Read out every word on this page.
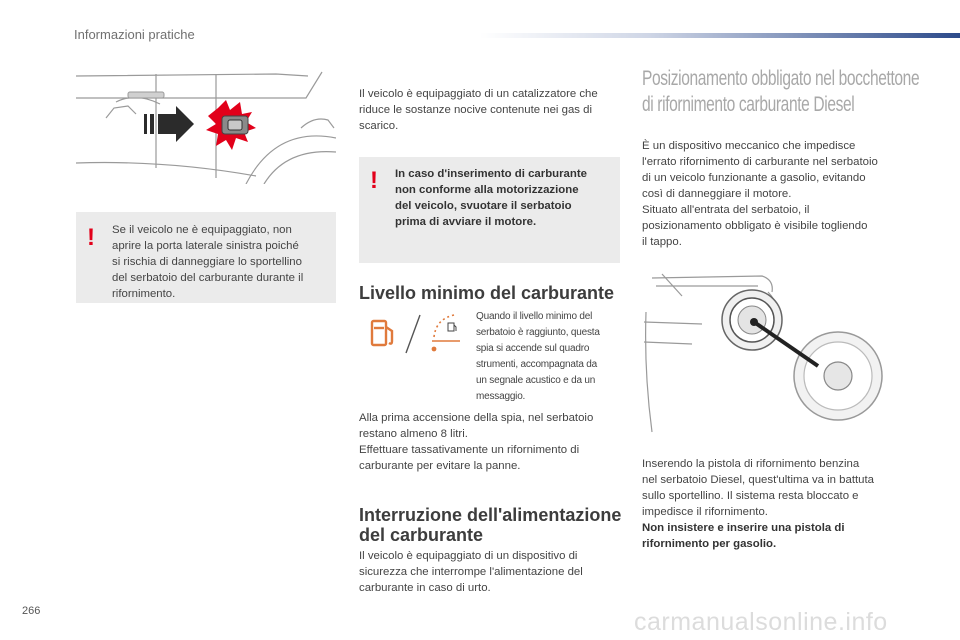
Informazioni pratiche
! Se il veicolo ne è equipaggiato, non
aprire la porta laterale sinistra poiché
si rischia di danneggiare lo sportellino
del serbatoio del carburante durante il
rifornimento.
Il veicolo è equipaggiato di un catalizzatore che
riduce le sostanze nocive contenute nei gas di
scarico.
! In caso d'inserimento di carburante
non conforme alla motorizzazione
del veicolo, svuotare il serbatoio
prima di avviare il motore.
Livello minimo del carburante
Quando il livello minimo del
serbatoio è raggiunto, questa
spia si accende sul quadro
strumenti, accompagnata da
un segnale acustico e da un
messaggio.
Alla prima accensione della spia, nel serbatoio
restano almeno 8 litri.
Effettuare tassativamente un rifornimento di
carburante per evitare la panne.
Interruzione dell'alimentazione
del carburante
Il veicolo è equipaggiato di un dispositivo di
sicurezza che interrompe l'alimentazione del
carburante in caso di urto.
Posizionamento obbligato nel bocchettone
di rifornimento carburante Diesel
È un dispositivo meccanico che impedisce
l'errato rifornimento di carburante nel serbatoio
di un veicolo funzionante a gasolio, evitando
così di danneggiare il motore.
Situato all'entrata del serbatoio, il
posizionamento obbligato è visibile togliendo
il tappo.
Inserendo la pistola di rifornimento benzina
nel serbatoio Diesel, quest'ultima va in battuta
sullo sportellino. Il sistema resta bloccato e
impedisce il rifornimento.
Non insistere e inserire una pistola di
rifornimento per gasolio.
266	carmanualsonline.info
